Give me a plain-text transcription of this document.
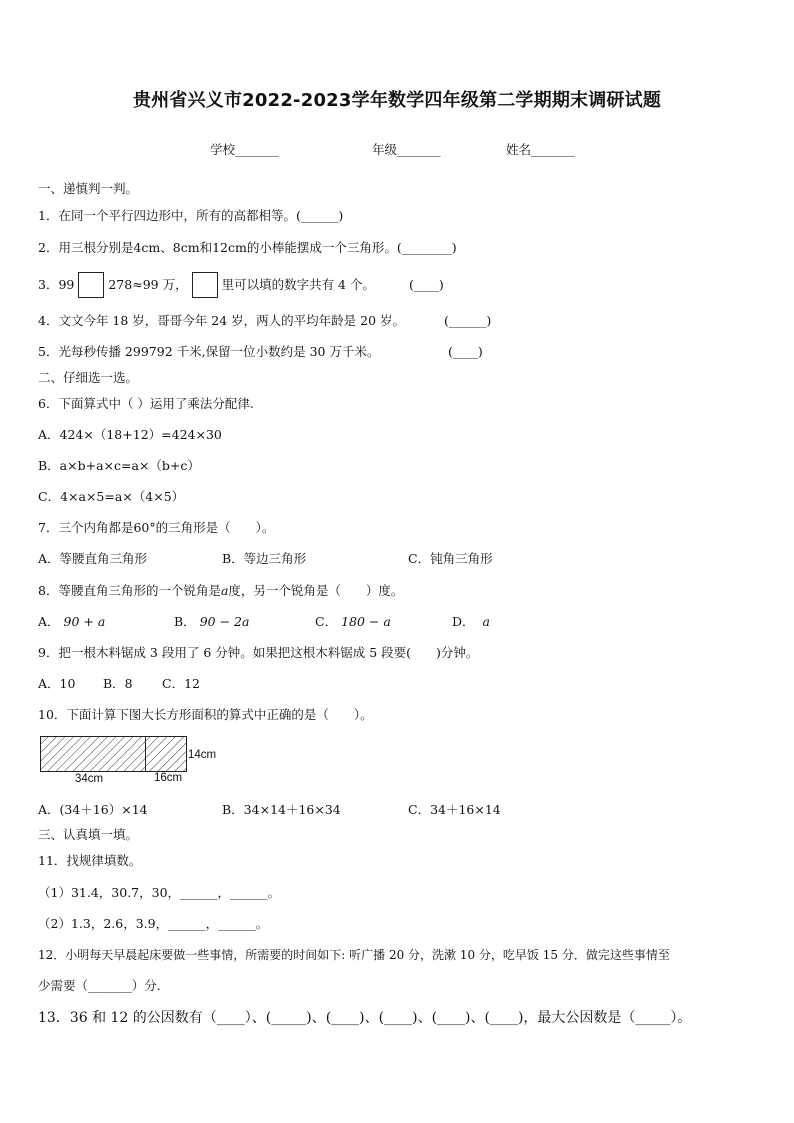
贵州省兴义市2022-2023学年数学四年级第二学期期末调研试题
学校_______	年级_______	姓名_______
一、递慎判一判。
1．在同一个平行四边形中，所有的高都相等。(______)
2．用三根分别是4cm、8cm和12cm的小棒能摆成一个三角形。(________)
3．99	278≈99 万，	里可以填的数字共有 4 个。	(____)
4．文文今年 18 岁，哥哥今年 24 岁，两人的平均年龄是 20 岁。	(______)
5．光每秒传播 299792 千米,保留一位小数约是 30 万千米。	(____)
二、仔细选一选。
6．下面算式中（ ）运用了乘法分配律.
A．424×（18+12）=424×30
B．a×b+a×c=a×（b+c）
C．4×a×5=a×（4×5）
7．三个内角都是60°的三角形是（　　）。
A．等腰直角三角形	B．等边三角形	C．钝角三角形
8．等腰直角三角形的一个锐角是a度，另一个锐角是（　　）度。
A． 90 + a	B． 90 − 2a	C． 180 − a	D． a
9．把一根木料锯成 3 段用了 6 分钟。如果把这根木料锯成 5 段要(　　)分钟。
A．10 B．8 C．12
10．下面计算下图大长方形面积的算式中正确的是（　　）。
34cm	16cm
14cm
A．(34＋16）×14	B．34×14＋16×34	C．34＋16×14
三、认真填一填。
11．找规律填数。
（1）31.4，30.7，30，______，______。
（2）1.3，2.6，3.9，______，______。
12．小明每天早晨起床要做一些事情，所需要的时间如下: 听广播 20 分，洗漱 10 分，吃早饭 15 分．做完这些事情至
少需要（_______）分.
13．36 和 12 的公因数有（____）、(_____)、(____)、(____)、(____)、(____)，最大公因数是（_____）。
